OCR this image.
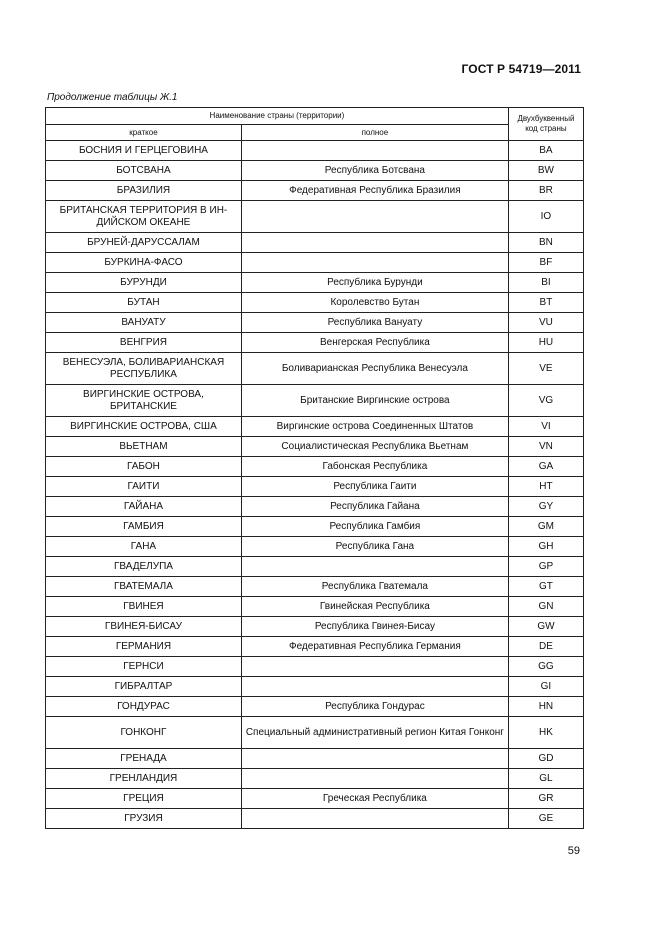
ГОСТ Р 54719—2011
Продолжение таблицы Ж.1
Наименование страны (территории)		Двухбуквенный код страны
краткое	полное	
БОСНИЯ И ГЕРЦЕГОВИНА		BA
БОТСВАНА	Республика Ботсвана	BW
БРАЗИЛИЯ	Федеративная Республика Бразилия	BR
БРИТАНСКАЯ ТЕРРИТОРИЯ В ИН-ДИЙСКОМ ОКЕАНЕ		IO
БРУНЕЙ-ДАРУССАЛАМ		BN
БУРКИНА-ФАСО		BF
БУРУНДИ	Республика Бурунди	BI
БУТАН	Королевство Бутан	BT
ВАНУАТУ	Республика Вануату	VU
ВЕНГРИЯ	Венгерская Республика	HU
ВЕНЕСУЭЛА, БОЛИВАРИАНСКАЯ РЕСПУБЛИКА	Боливарианская Республика Венесуэла	VE
ВИРГИНСКИЕ ОСТРОВА, БРИТАНСКИЕ	Британские Виргинские острова	VG
ВИРГИНСКИЕ ОСТРОВА, США	Виргинские острова Соединенных Штатов	VI
ВЬЕТНАМ	Социалистическая Республика Вьетнам	VN
ГАБОН	Габонская Республика	GA
ГАИТИ	Республика Гаити	HT
ГАЙАНА	Республика Гайана	GY
ГАМБИЯ	Республика Гамбия	GM
ГАНА	Республика Гана	GH
ГВАДЕЛУПА		GP
ГВАТЕМАЛА	Республика Гватемала	GT
ГВИНЕЯ	Гвинейская Республика	GN
ГВИНЕЯ-БИСАУ	Республика Гвинея-Бисау	GW
ГЕРМАНИЯ	Федеративная Республика Германия	DE
ГЕРНСИ		GG
ГИБРАЛТАР		GI
ГОНДУРАС	Республика Гондурас	HN
ГОНКОНГ	Специальный административный регион Китая Гонконг	HK
ГРЕНАДА		GD
ГРЕНЛАНДИЯ		GL
ГРЕЦИЯ	Греческая Республика	GR
ГРУЗИЯ		GE
59
